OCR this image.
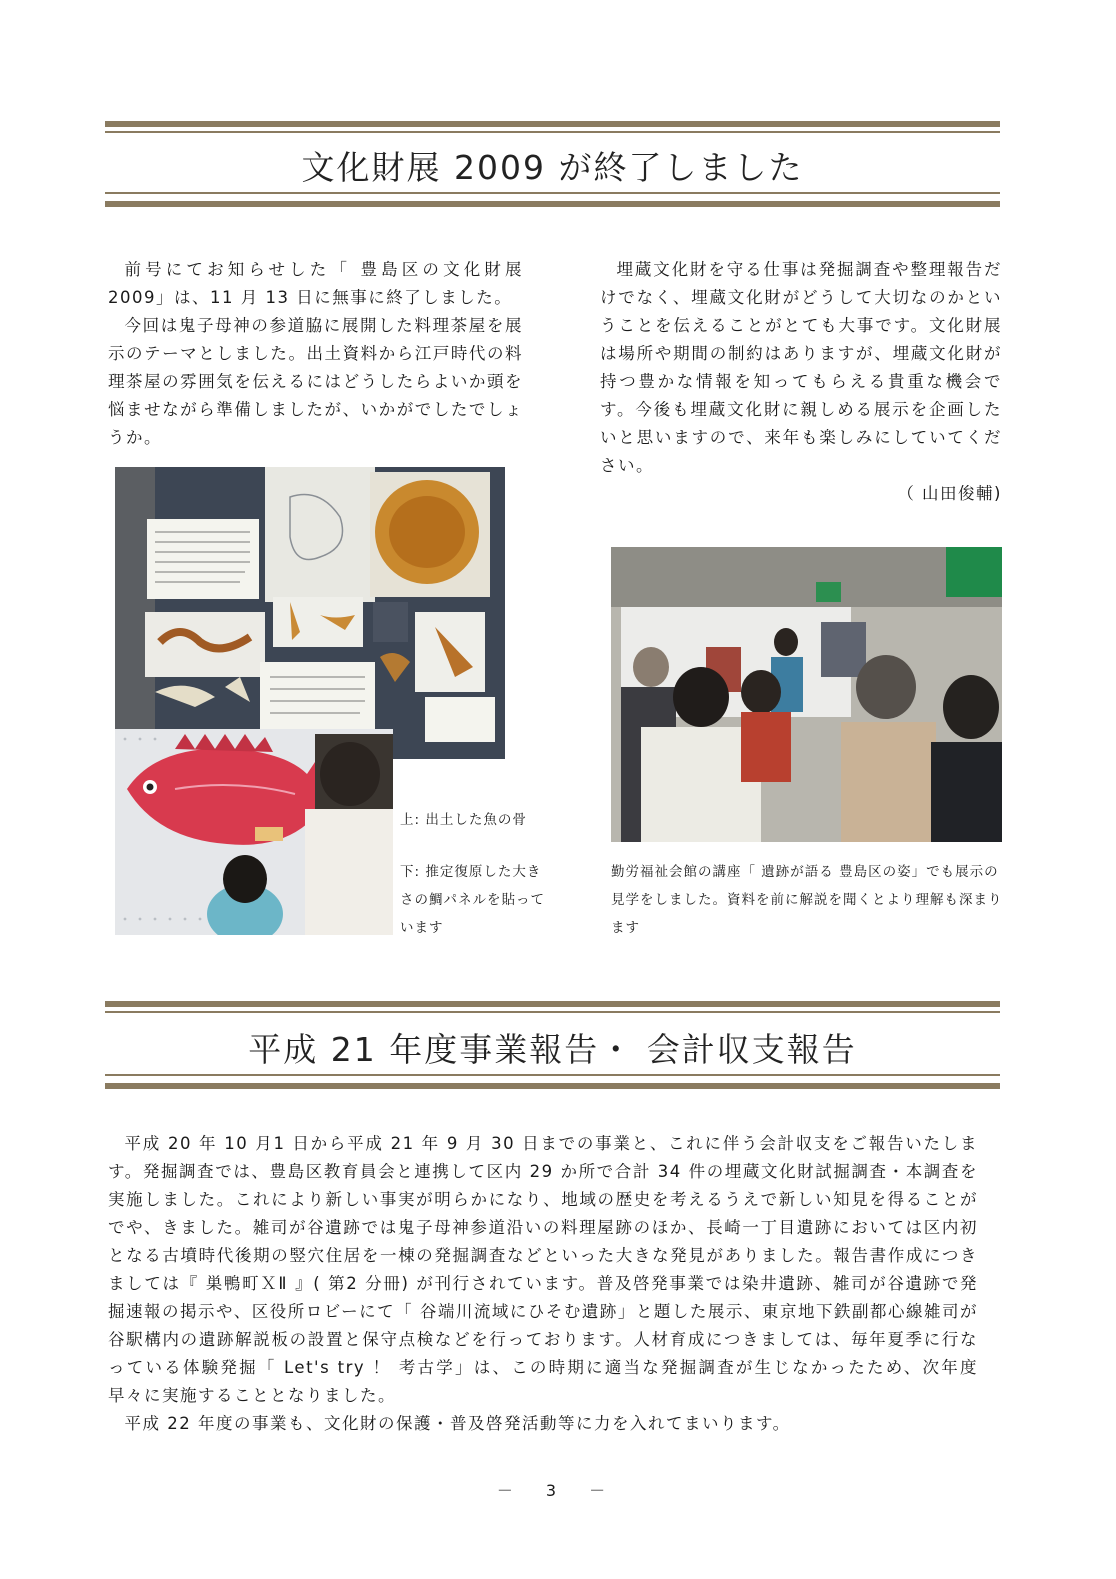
文化財展 2009 が終了しました

前号にてお知らせした「 豊島区の文化財展 2009」は、11 月 13 日に無事に終了しました。

今回は鬼子母神の参道脇に展開した料理茶屋を展示のテーマとしました。出土資料から江戸時代の料理茶屋の雰囲気を伝えるにはどうしたらよいか頭を悩ませながら準備しましたが、いかがでしたでしょうか。

埋蔵文化財を守る仕事は発掘調査や整理報告だけでなく、埋蔵文化財がどうして大切なのかということを伝えることがとても大事です。文化財展は場所や期間の制約はありますが、埋蔵文化財が持つ豊かな情報を知ってもらえる貴重な機会です。今後も埋蔵文化財に親しめる展示を企画したいと思いますので、来年も楽しみにしていてください。

（ 山田俊輔)
上: 出土した魚の骨
下: 推定復原した大きさの鯛パネルを貼っています
勤労福祉会館の講座「 遺跡が語る 豊島区の姿」でも展示の見学をしました。資料を前に解説を聞くとより理解も深まります
平成 21 年度事業報告・ 会計収支報告

平成 20 年 10 月1 日から平成 21 年 9 月 30 日までの事業と、これに伴う会計収支をご報告いたします。発掘調査では、豊島区教育員会と連携して区内 29 か所で合計 34 件の埋蔵文化財試掘調査・本調査を実施しました。これにより新しい事実が明らかになり、地域の歴史を考えるうえで新しい知見を得ることがでや、きました。雑司が谷遺跡では鬼子母神参道沿いの料理屋跡のほか、長崎一丁目遺跡においては区内初となる古墳時代後期の竪穴住居を一棟の発掘調査などといった大きな発見がありました。報告書作成につきましては『 巣鴨町ＸⅡ 』( 第2 分冊) が刊行されています。普及啓発事業では染井遺跡、雑司が谷遺跡で発掘速報の掲示や、区役所ロビーにて「 谷端川流域にひそむ遺跡」と題した展示、東京地下鉄副都心線雑司が谷駅構内の遺跡解説板の設置と保守点検などを行っております。人材育成につきましては、毎年夏季に行なっている体験発掘「 Let's try ！ 考古学」は、この時期に適当な発掘調査が生じなかったため、次年度早々に実施することとなりました。

平成 22 年度の事業も、文化財の保護・普及啓発活動等に力を入れてまいります。

－ 3 －
